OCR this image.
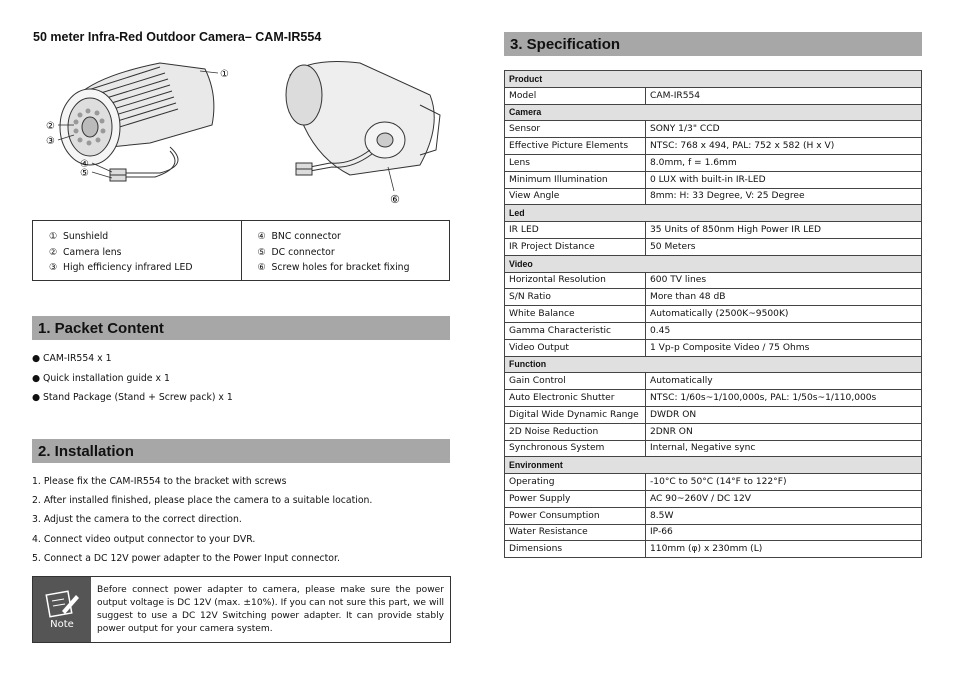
50 meter Infra-Red Outdoor Camera– CAM-IR554
①
②
③
④
⑤
⑥
① Sunshield
② Camera lens
③ High efficiency infrared LED
④ BNC connector
⑤ DC connector
⑥ Screw holes for bracket fixing
1. Packet Content
● CAM-IR554 x 1
● Quick installation guide x 1
● Stand Package (Stand + Screw pack) x 1
2. Installation
1. Please fix the CAM-IR554 to the bracket with screws
2. After installed finished, please place the camera to a suitable location.
3. Adjust the camera to the correct direction.
4. Connect video output connector to your DVR.
5. Connect a DC 12V power adapter to the Power Input connector.
Note
Before connect power adapter to camera, please make sure the power output voltage is DC 12V (max. ±10%). If you can not sure this part, we will suggest to use a DC 12V Switching power adapter. It can provide stably power output for your camera system.
3. Specification
Product	
Model	CAM-IR554
Camera	
Sensor	SONY 1/3" CCD
Effective Picture Elements	NTSC: 768 x 494, PAL: 752 x 582 (H x V)
Lens	8.0mm, f = 1.6mm
Minimum Illumination	0 LUX with built-in IR-LED
View Angle	8mm: H: 33 Degree, V: 25 Degree
Led	
IR LED	35 Units of 850nm High Power IR LED
IR Project Distance	50 Meters
Video	
Horizontal Resolution	600 TV lines
S/N Ratio	More than 48 dB
White Balance	Automatically (2500K~9500K)
Gamma Characteristic	0.45
Video Output	1 Vp-p Composite Video / 75 Ohms
Function	
Gain Control	Automatically
Auto Electronic Shutter	NTSC: 1/60s~1/100,000s, PAL: 1/50s~1/110,000s
Digital Wide Dynamic Range	DWDR ON
2D Noise Reduction	2DNR ON
Synchronous System	Internal, Negative sync
Environment	
Operating	-10°C to 50°C (14°F to 122°F)
Power Supply	AC 90~260V / DC 12V
Power Consumption	8.5W
Water Resistance	IP-66
Dimensions	110mm (φ) x 230mm (L)
